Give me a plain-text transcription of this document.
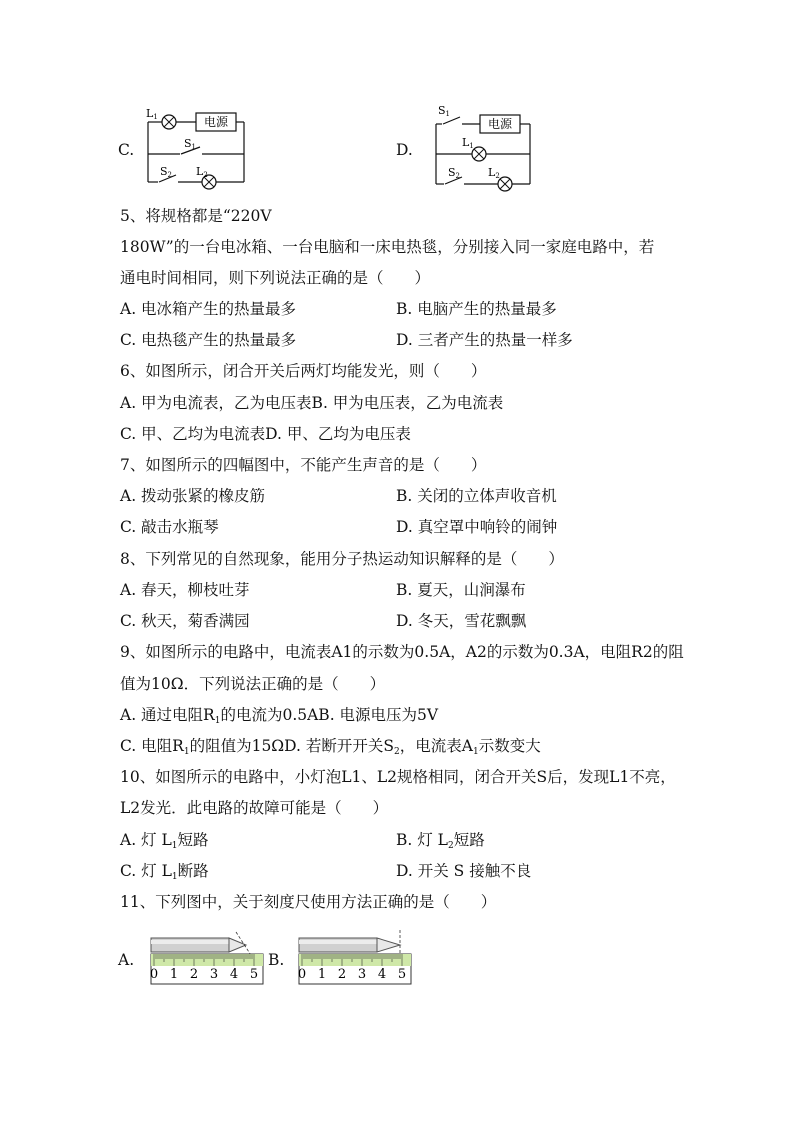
C.
电源
L1
S1
S2 L2
D.
电源
S1
L1
S2	L2
5、将规格都是“220V
180W”的一台电冰箱、一台电脑和一床电热毯，分别接入同一家庭电路中，若
通电时间相同，则下列说法正确的是（　　）
A. 电冰箱产生的热量最多	B. 电脑产生的热量最多
C. 电热毯产生的热量最多	D. 三者产生的热量一样多
6、如图所示，闭合开关后两灯均能发光，则（　　）
A. 甲为电流表，乙为电压表B. 甲为电压表，乙为电流表
C. 甲、乙均为电流表D. 甲、乙均为电压表
7、如图所示的四幅图中，不能产生声音的是（　　）
A. 拨动张紧的橡皮筋	B. 关闭的立体声收音机
C. 敲击水瓶琴	D. 真空罩中响铃的闹钟
8、下列常见的自然现象，能用分子热运动知识解释的是（　　）
A. 春天，柳枝吐芽	B. 夏天，山涧瀑布
C. 秋天，菊香满园	D. 冬天，雪花飘飘
9、如图所示的电路中，电流表A1的示数为0.5A，A2的示数为0.3A，电阻R2的阻
值为10Ω．下列说法正确的是（　　）
A. 通过电阻$R_1$的电流为0.5AB. 电源电压为5V
C. 电阻$R_1$的阻值为15ΩD. 若断开开关$S_2$，电流表$A_1$示数变大
10、如图所示的电路中，小灯泡L1、L2规格相同，闭合开关S后，发现L1不亮，
L2发光．此电路的故障可能是（　　）
A. 灯 $L_1$短路	B. 灯 $L_2$短路
C. 灯 $L_1$断路	D. 开关 S 接触不良
11、下列图中，关于刻度尺使用方法正确的是（　　）
A.
0 1 2 3 4 5
B.
0 1 2 3 4 5
